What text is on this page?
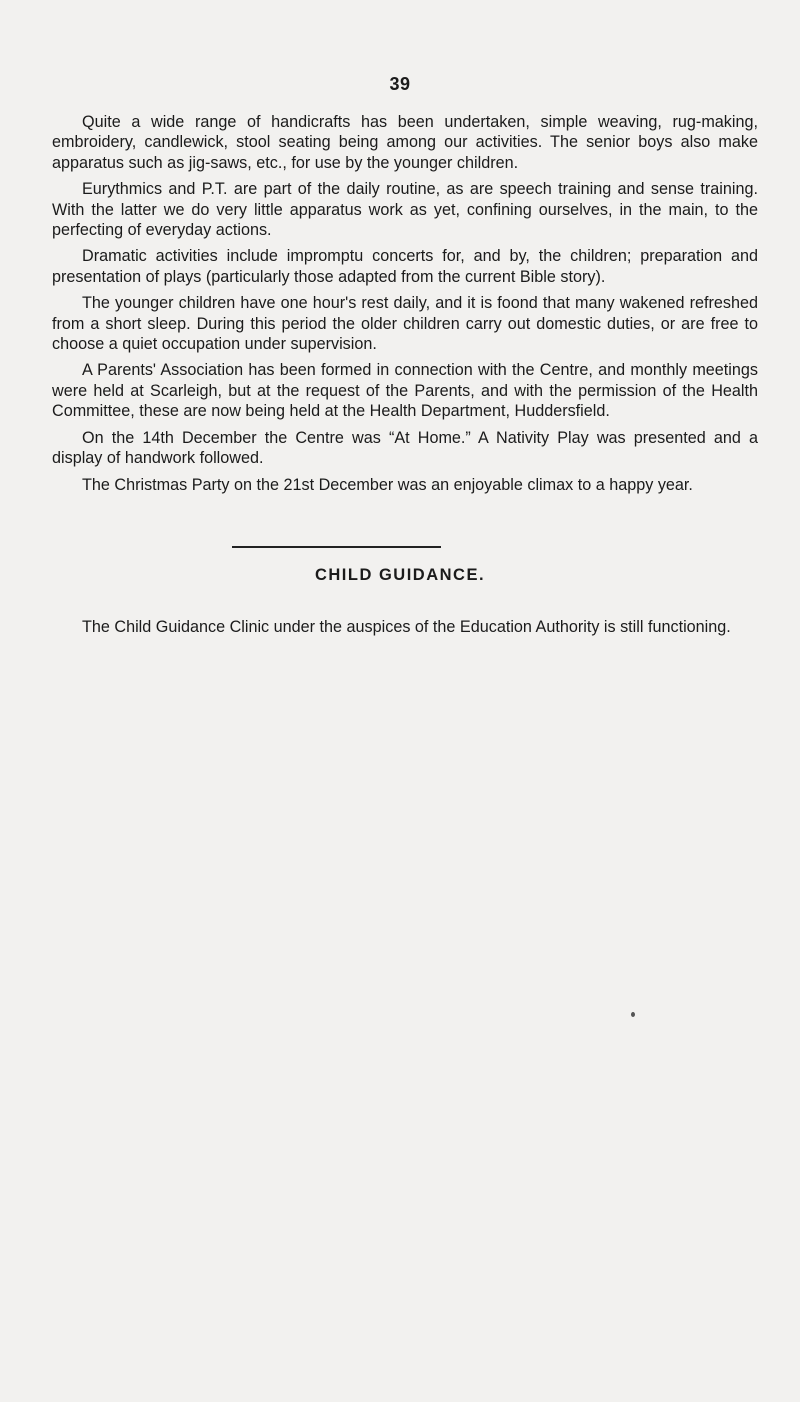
39

Quite a wide range of handicrafts has been undertaken, simple weaving, rug-making, embroidery, candlewick, stool seating being among our activities. The senior boys also make apparatus such as jig-saws, etc., for use by the younger children.

Eurythmics and P.T. are part of the daily routine, as are speech training and sense training. With the latter we do very little apparatus work as yet, confining ourselves, in the main, to the perfecting of everyday actions.

Dramatic activities include impromptu concerts for, and by, the children; preparation and presentation of plays (particularly those adapted from the current Bible story).

The younger children have one hour's rest daily, and it is foond that many wakened refreshed from a short sleep. During this period the older children carry out domestic duties, or are free to choose a quiet occupation under supervision.

A Parents' Association has been formed in connection with the Centre, and monthly meetings were held at Scarleigh, but at the request of the Parents, and with the permission of the Health Committee, these are now being held at the Health Department, Huddersfield.

On the 14th December the Centre was “At Home.” A Nativity Play was presented and a display of handwork followed.

The Christmas Party on the 21st December was an enjoyable climax to a happy year.

CHILD GUIDANCE.

The Child Guidance Clinic under the auspices of the Education Authority is still functioning.
